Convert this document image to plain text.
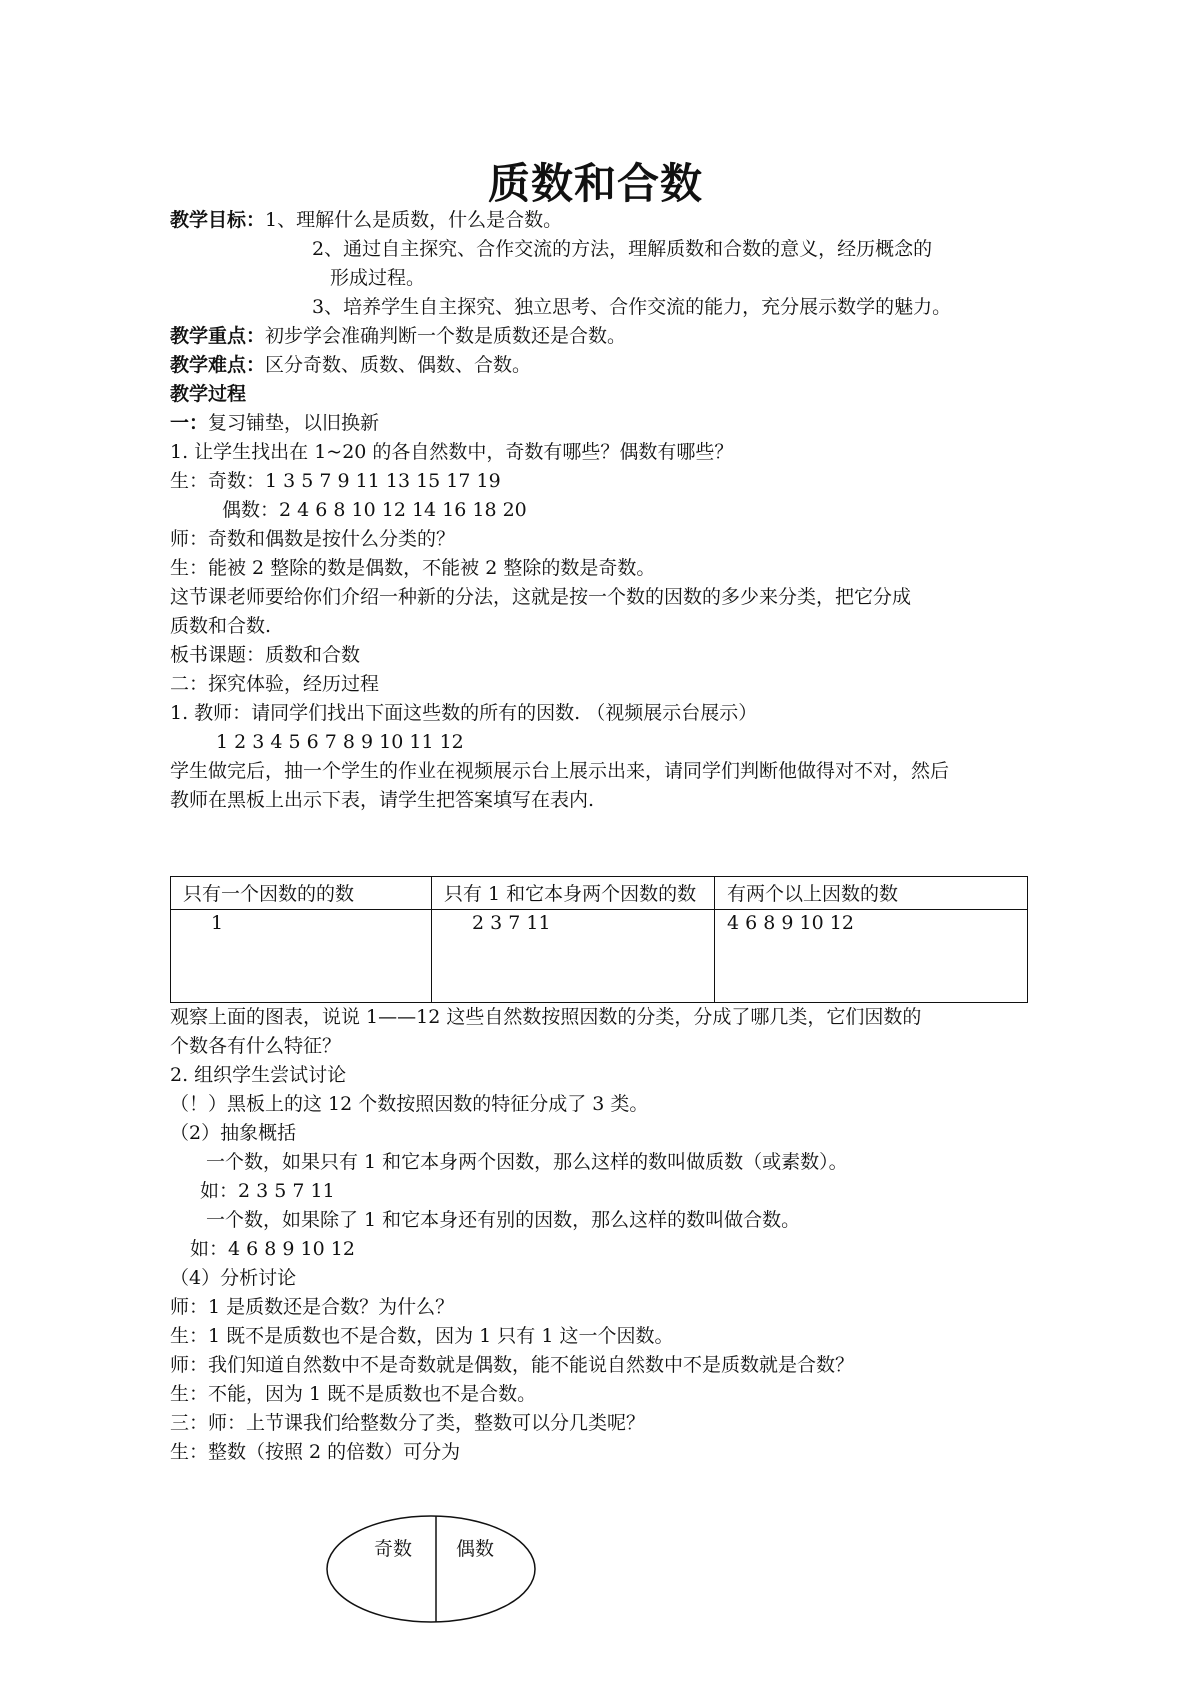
质数和合数
教学目标：1、理解什么是质数，什么是合数。
2、通过自主探究、合作交流的方法，理解质数和合数的意义，经历概念的
形成过程。
3、培养学生自主探究、独立思考、合作交流的能力，充分展示数学的魅力。
教学重点：初步学会准确判断一个数是质数还是合数。
教学难点：区分奇数、质数、偶数、合数。
教学过程
一：复习铺垫，以旧换新
1. 让学生找出在 1~20 的各自然数中，奇数有哪些？偶数有哪些？
生：奇数：1 3 5 7 9 11 13 15 17 19
偶数：2 4 6 8 10 12 14 16 18 20
师：奇数和偶数是按什么分类的？
生：能被 2 整除的数是偶数，不能被 2 整除的数是奇数。
这节课老师要给你们介绍一种新的分法，这就是按一个数的因数的多少来分类，把它分成
质数和合数.
板书课题：质数和合数
二：探究体验，经历过程
1. 教师：请同学们找出下面这些数的所有的因数. （视频展示台展示）
1 2 3 4 5 6 7 8 9 10 11 12
学生做完后，抽一个学生的作业在视频展示台上展示出来，请同学们判断他做得对不对，然后
教师在黑板上出示下表，请学生把答案填写在表内.
只有一个因数的的数	只有 1 和它本身两个因数的数	有两个以上因数的数
1	2 3 7 11	4 6 8 9 10 12
观察上面的图表，说说 1——12 这些自然数按照因数的分类，分成了哪几类，它们因数的
个数各有什么特征？
2. 组织学生尝试讨论
（！）黑板上的这 12 个数按照因数的特征分成了 3 类。
（2）抽象概括
一个数，如果只有 1 和它本身两个因数，那么这样的数叫做质数（或素数）。
如：2 3 5 7 11
一个数，如果除了 1 和它本身还有别的因数，那么这样的数叫做合数。
如：4 6 8 9 10 12
（4）分析讨论
师：1 是质数还是合数？为什么？
生：1 既不是质数也不是合数，因为 1 只有 1 这一个因数。
师：我们知道自然数中不是奇数就是偶数，能不能说自然数中不是质数就是合数？
生：不能，因为 1 既不是质数也不是合数。
三：师：上节课我们给整数分了类，整数可以分几类呢？
生：整数（按照 2 的倍数）可分为
奇数 偶数
